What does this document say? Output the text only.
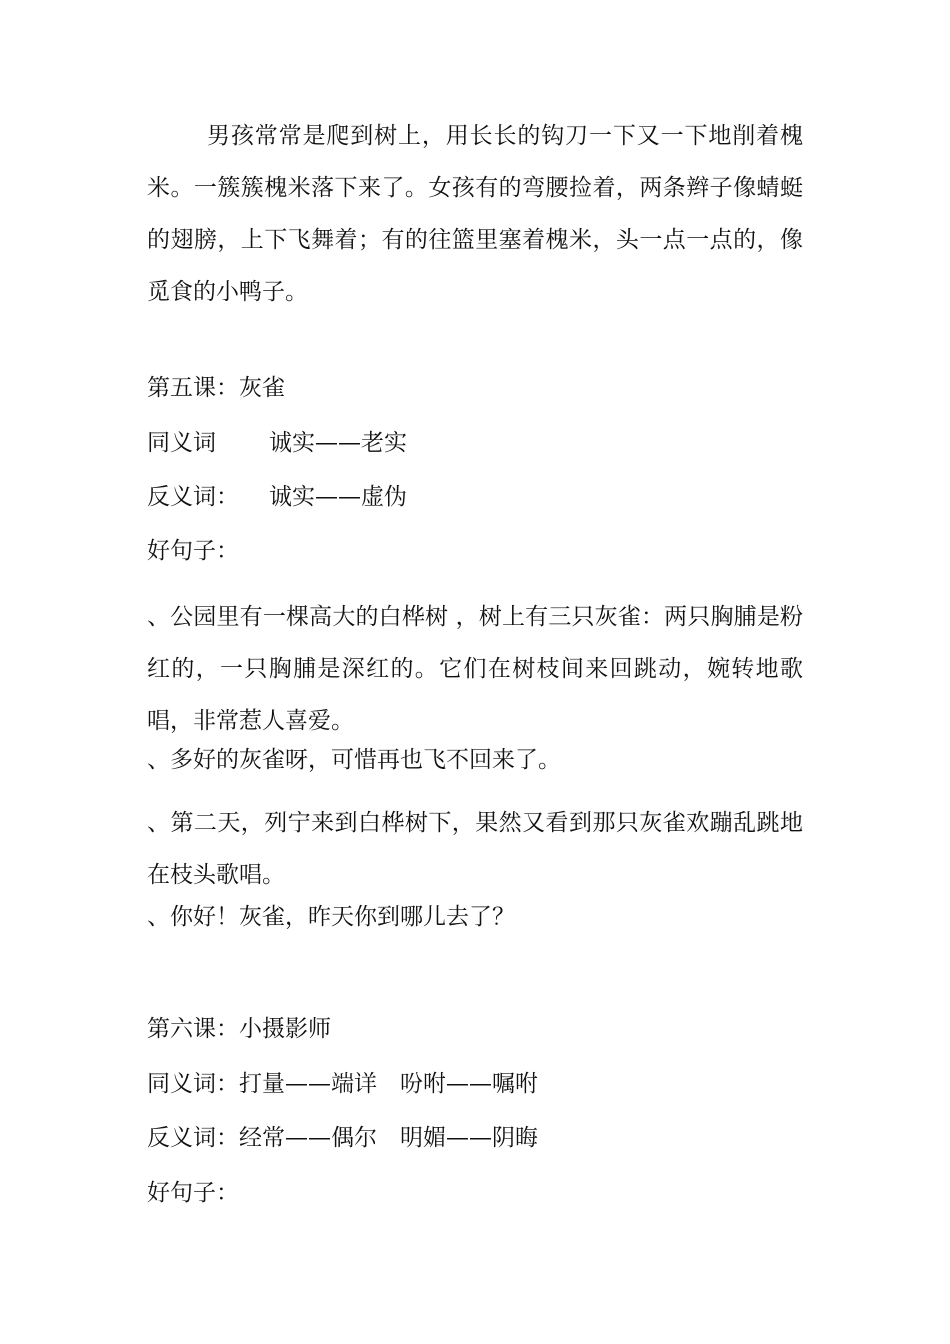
男孩常常是爬到树上，用长长的钩刀一下又一下地削着槐米。一簇簇槐米落下来了。女孩有的弯腰捡着，两条辫子像蜻蜓的翅膀，上下飞舞着；有的往篮里塞着槐米，头一点一点的，像觅食的小鸭子。

第五课：灰雀
同义词 诚实——老实
反义词： 诚实——虚伪
好句子：

、公园里有一棵高大的白桦树 ，树上有三只灰雀：两只胸脯是粉红的，一只胸脯是深红的。它们在树枝间来回跳动，婉转地歌唱，非常惹人喜爱。

、多好的灰雀呀，可惜再也飞不回来了。

、第二天，列宁来到白桦树下，果然又看到那只灰雀欢蹦乱跳地在枝头歌唱。

、你好！灰雀，昨天你到哪儿去了？

第六课：小摄影师
同义词：打量——端详　吩咐——嘱咐
反义词：经常——偶尔　明媚——阴晦
好句子：
